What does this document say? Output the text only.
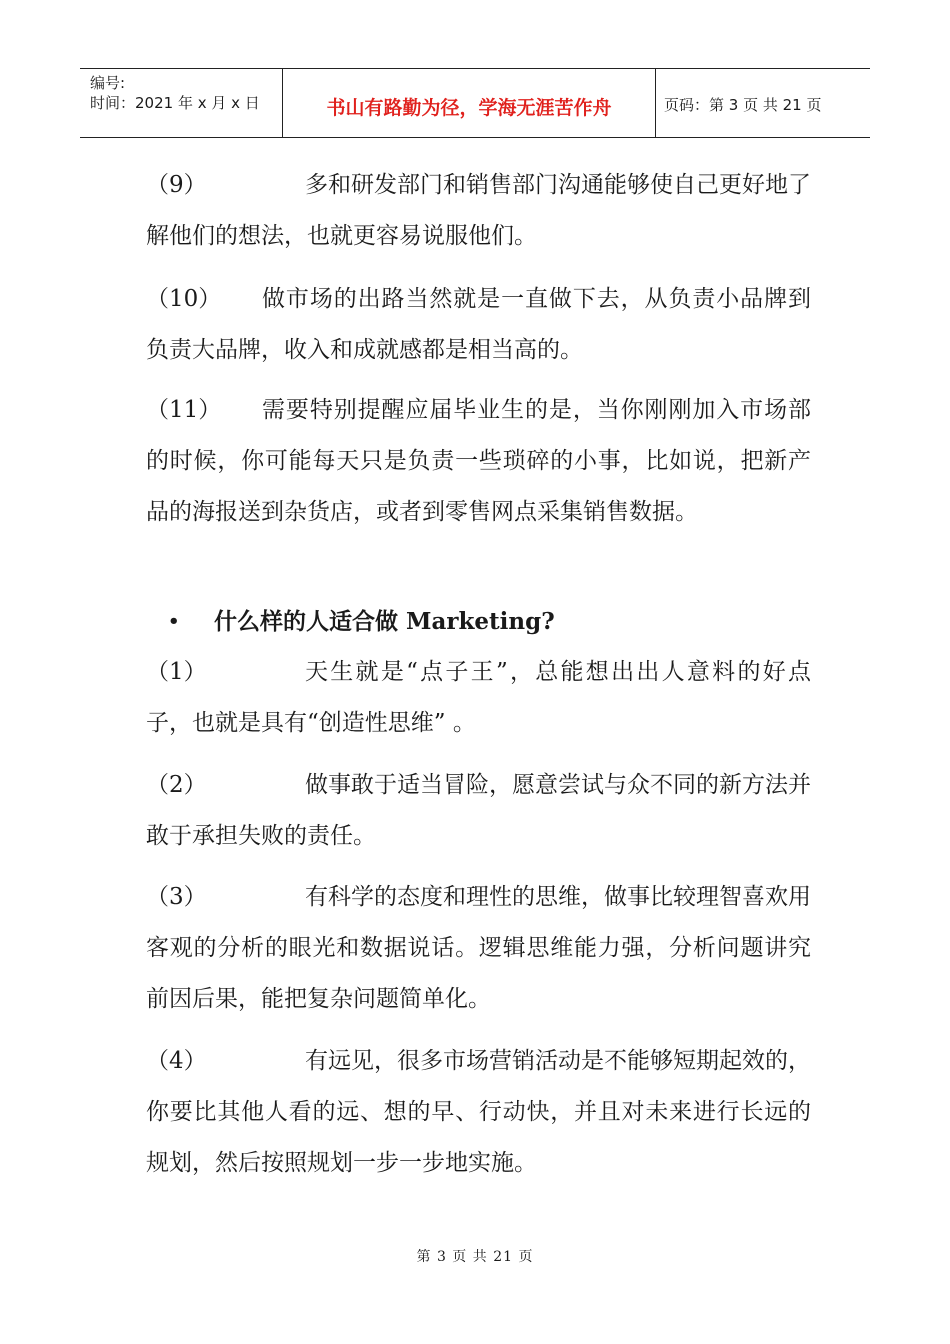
编号:
时间：2021 年 x 月 x 日	书山有路勤为径，学海无涯苦作舟	页码：第 3 页 共 21 页
（9）	多和研发部门和销售部门沟通能够使自己更好地了解他们的想法，也就更容易说服他们。
（10）	做市场的出路当然就是一直做下去，从负责小品牌到负责大品牌，收入和成就感都是相当高的。
（11）	需要特别提醒应届毕业生的是，当你刚刚加入市场部的时候，你可能每天只是负责一些琐碎的小事，比如说，把新产品的海报送到杂货店，或者到零售网点采集销售数据。
• 什么样的人适合做 Marketing?
（1）	天生就是“点子王”，总能想出出人意料的好点子，也就是具有“创造性思维” 。
（2）	做事敢于适当冒险，愿意尝试与众不同的新方法并敢于承担失败的责任。
（3）	有科学的态度和理性的思维，做事比较理智喜欢用客观的分析的眼光和数据说话。逻辑思维能力强，分析问题讲究前因后果，能把复杂问题简单化。
（4）	有远见，很多市场营销活动是不能够短期起效的，你要比其他人看的远、想的早、行动快，并且对未来进行长远的规划，然后按照规划一步一步地实施。
第 3 页 共 21 页
